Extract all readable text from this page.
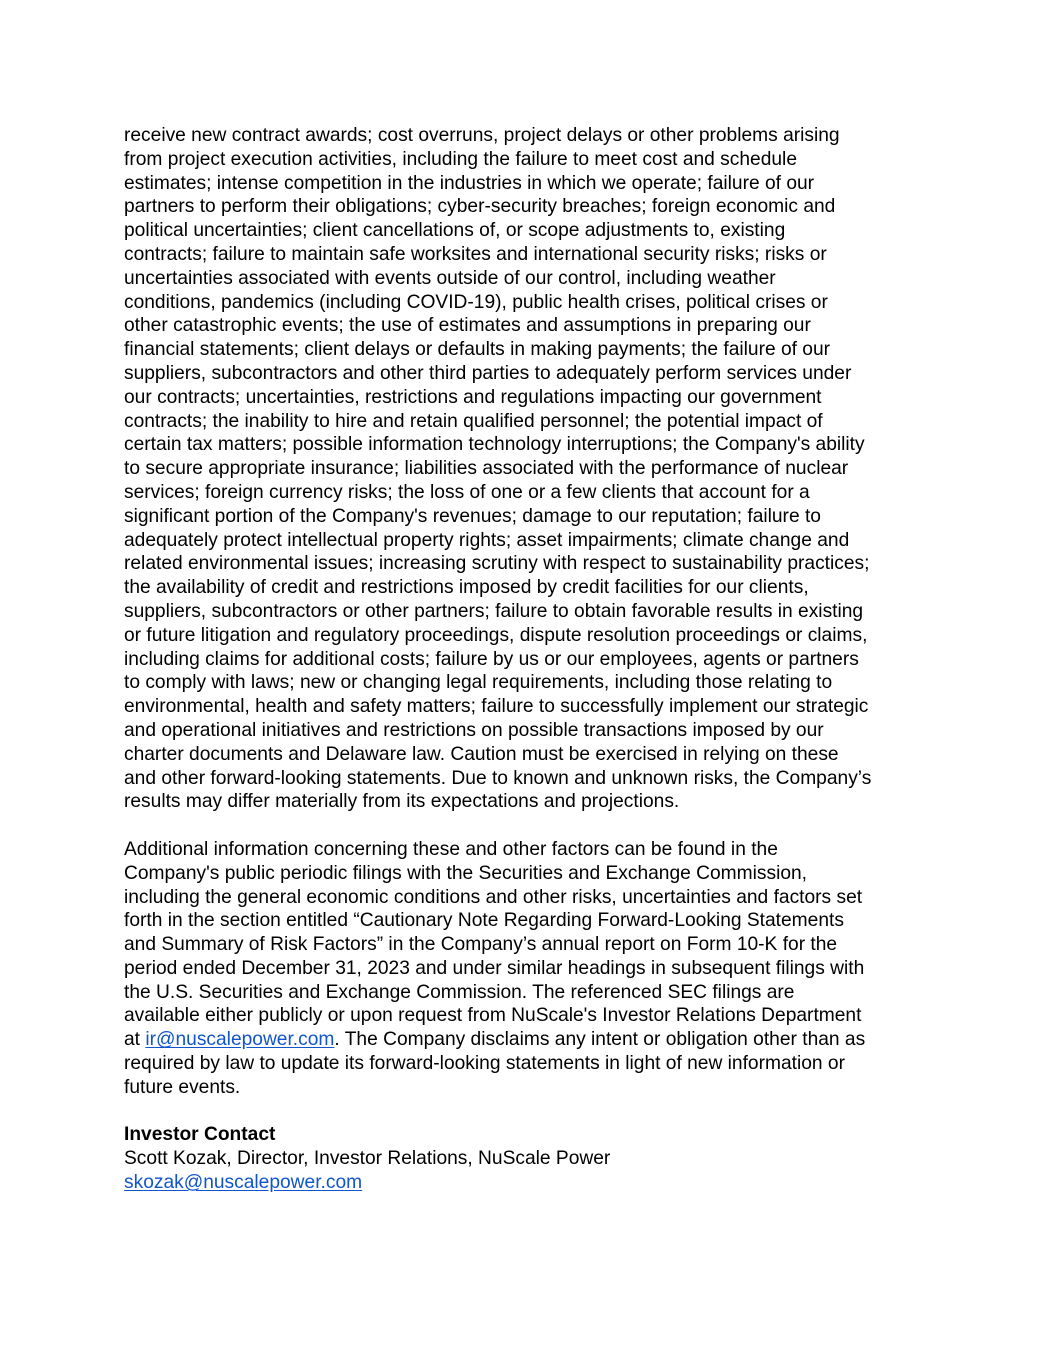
receive new contract awards; cost overruns, project delays or other problems arising
from project execution activities, including the failure to meet cost and schedule
estimates; intense competition in the industries in which we operate; failure of our
partners to perform their obligations; cyber-security breaches; foreign economic and
political uncertainties; client cancellations of, or scope adjustments to, existing
contracts; failure to maintain safe worksites and international security risks; risks or
uncertainties associated with events outside of our control, including weather
conditions, pandemics (including COVID-19), public health crises, political crises or
other catastrophic events; the use of estimates and assumptions in preparing our
financial statements; client delays or defaults in making payments; the failure of our
suppliers, subcontractors and other third parties to adequately perform services under
our contracts; uncertainties, restrictions and regulations impacting our government
contracts; the inability to hire and retain qualified personnel; the potential impact of
certain tax matters; possible information technology interruptions; the Company's ability
to secure appropriate insurance; liabilities associated with the performance of nuclear
services; foreign currency risks; the loss of one or a few clients that account for a
significant portion of the Company's revenues; damage to our reputation; failure to
adequately protect intellectual property rights; asset impairments; climate change and
related environmental issues; increasing scrutiny with respect to sustainability practices;
the availability of credit and restrictions imposed by credit facilities for our clients,
suppliers, subcontractors or other partners; failure to obtain favorable results in existing
or future litigation and regulatory proceedings, dispute resolution proceedings or claims,
including claims for additional costs; failure by us or our employees, agents or partners
to comply with laws; new or changing legal requirements, including those relating to
environmental, health and safety matters; failure to successfully implement our strategic
and operational initiatives and restrictions on possible transactions imposed by our
charter documents and Delaware law. Caution must be exercised in relying on these
and other forward-looking statements. Due to known and unknown risks, the Company’s
results may differ materially from its expectations and projections.
Additional information concerning these and other factors can be found in the
Company's public periodic filings with the Securities and Exchange Commission,
including the general economic conditions and other risks, uncertainties and factors set
forth in the section entitled “Cautionary Note Regarding Forward-Looking Statements
and Summary of Risk Factors” in the Company’s annual report on Form 10-K for the
period ended December 31, 2023 and under similar headings in subsequent filings with
the U.S. Securities and Exchange Commission. The referenced SEC filings are
available either publicly or upon request from NuScale's Investor Relations Department
at ir@nuscalepower.com. The Company disclaims any intent or obligation other than as
required by law to update its forward-looking statements in light of new information or
future events.
Investor Contact
Scott Kozak, Director, Investor Relations, NuScale Power
skozak@nuscalepower.com
